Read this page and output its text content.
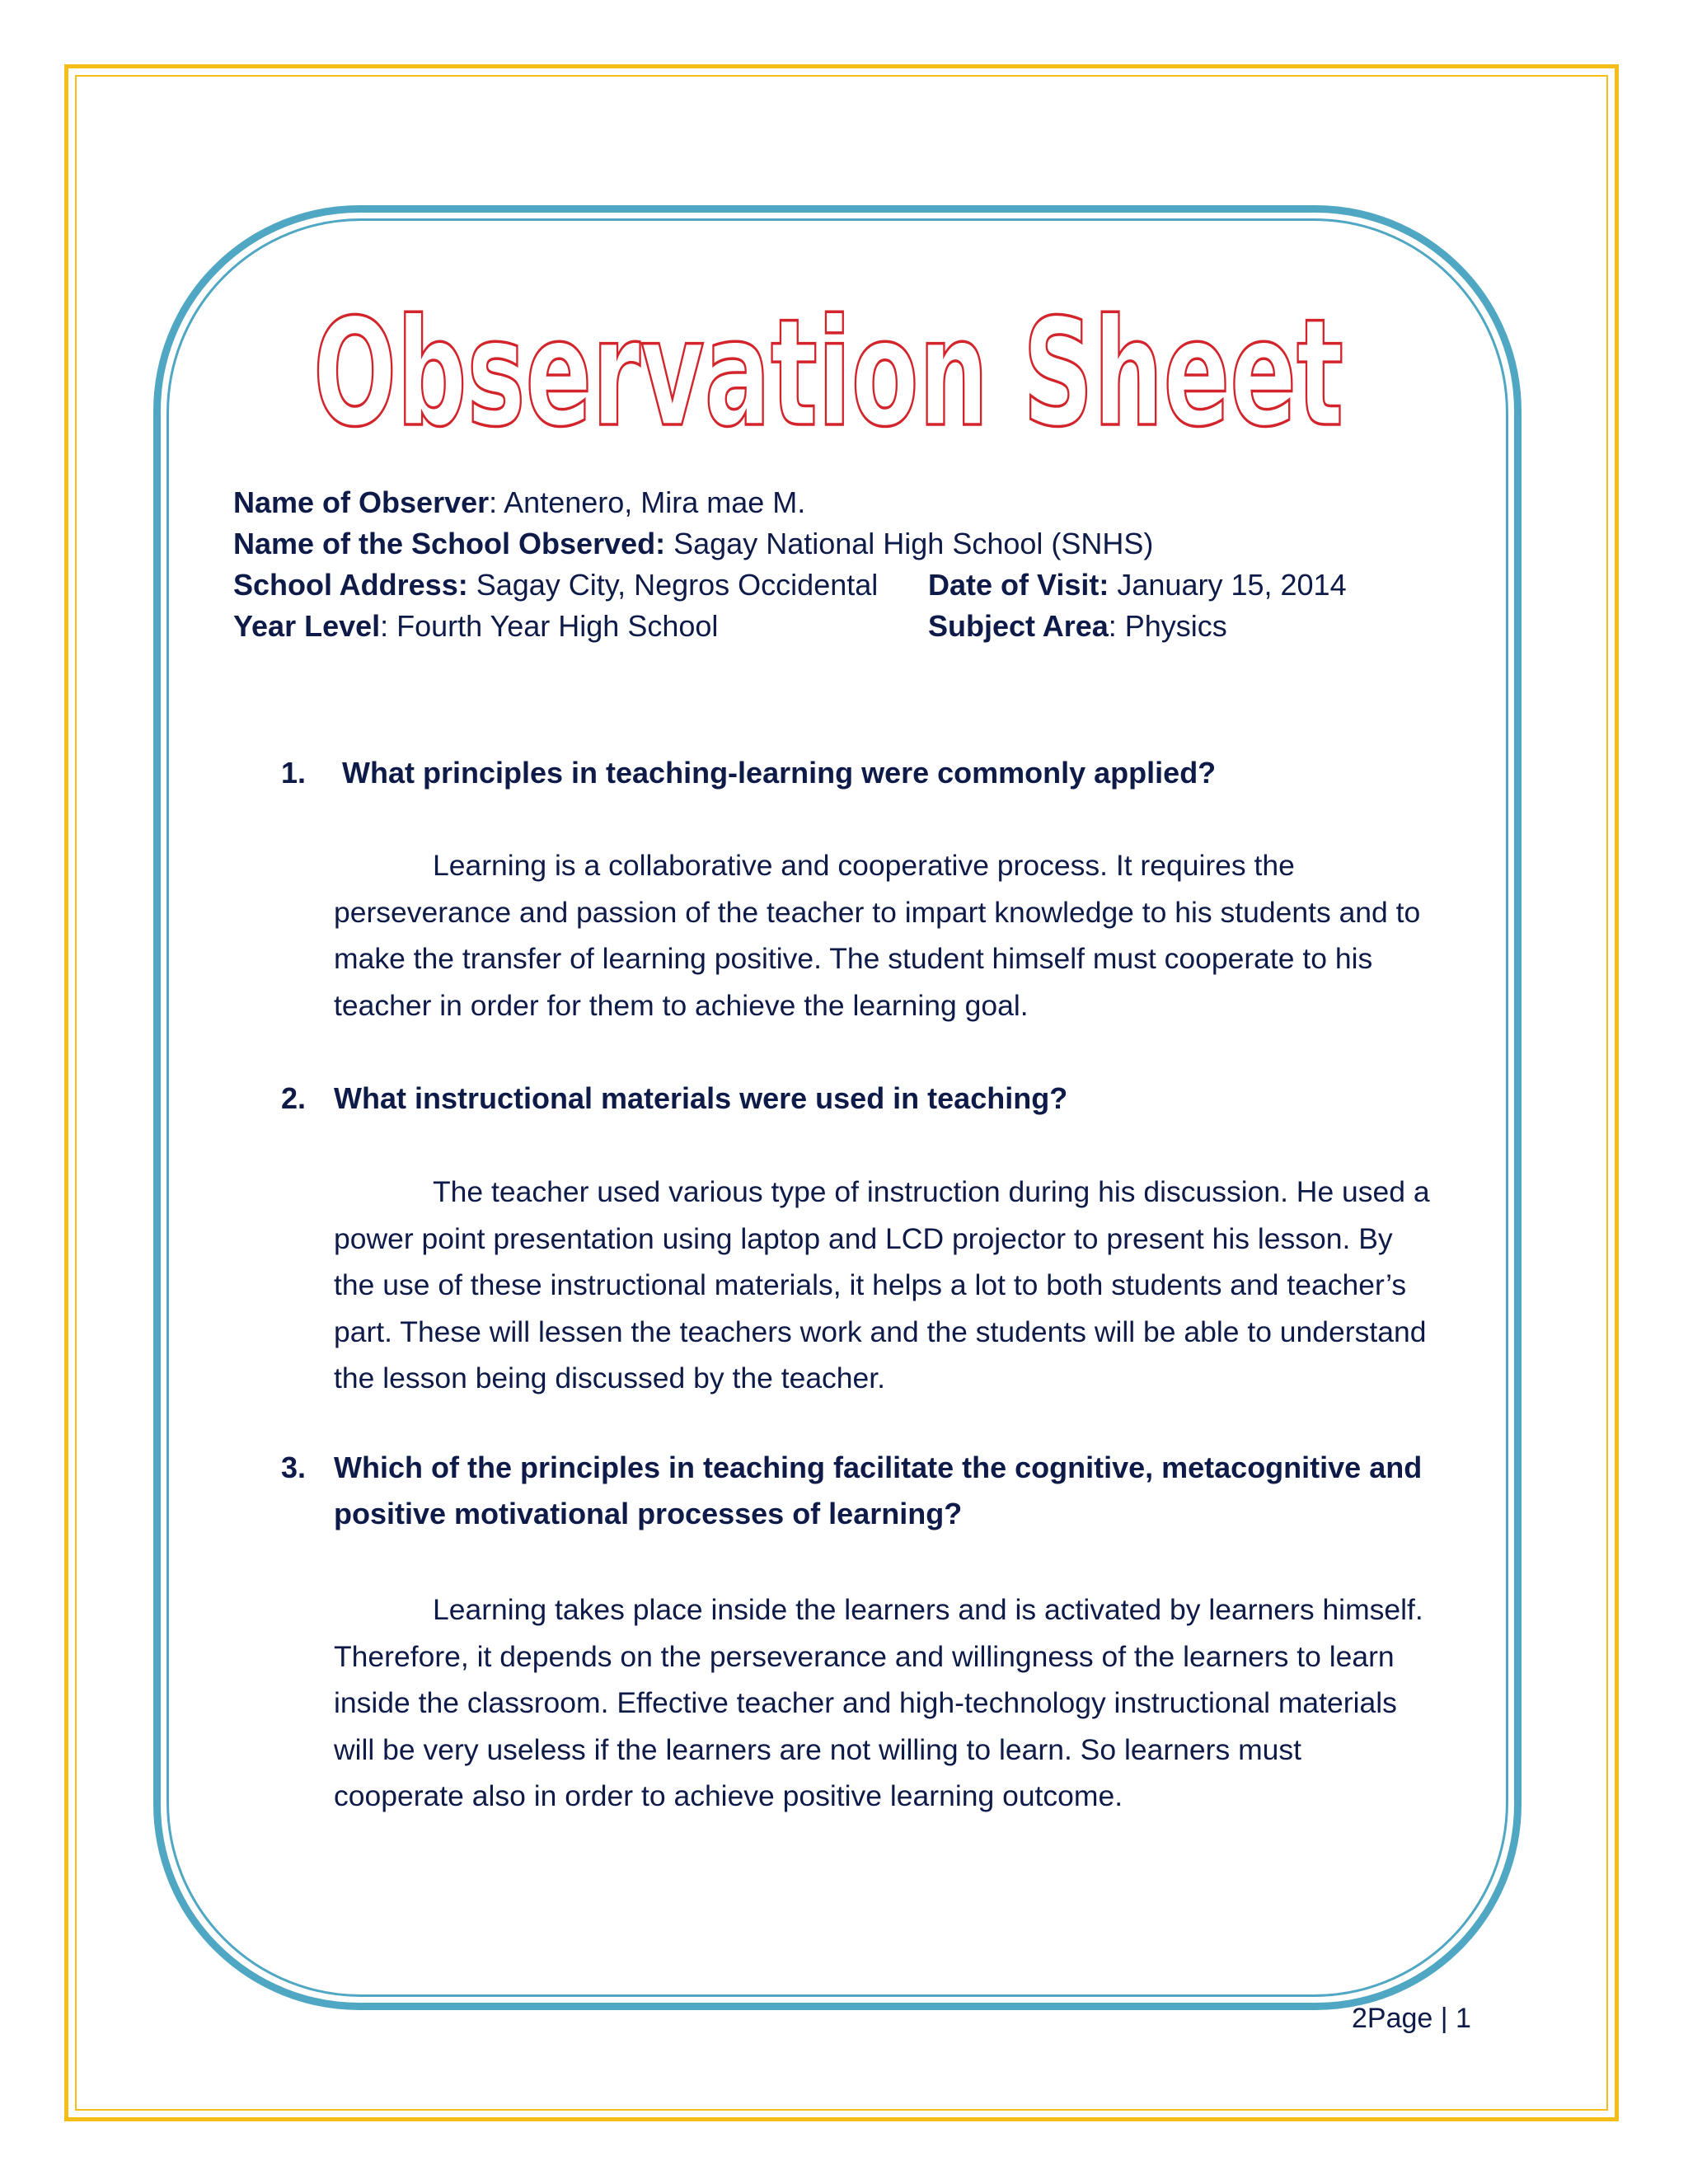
Observation Sheet
Name of Observer: Antenero, Mira mae M.
Name of the School Observed: Sagay National High School (SNHS)
School Address: Sagay City, Negros Occidental Date of Visit: January 15, 2014
Year Level: Fourth Year High School	Subject Area: Physics
1.	What principles in teaching-learning were commonly applied?
Learning is a collaborative and cooperative process. It requires the perseverance and passion of the teacher to impart knowledge to his students and to make the transfer of learning positive. The student himself must cooperate to his teacher in order for them to achieve the learning goal.
2. What instructional materials were used in teaching?
The teacher used various type of instruction during his discussion. He used a power point presentation using laptop and LCD projector to present his lesson. By the use of these instructional materials, it helps a lot to both students and teacher’s part. These will lessen the teachers work and the students will be able to understand the lesson being discussed by the teacher.
3. Which of the principles in teaching facilitate the cognitive, metacognitive and positive motivational processes of learning?
Learning takes place inside the learners and is activated by learners himself. Therefore, it depends on the perseverance and willingness of the learners to learn inside the classroom. Effective teacher and high-technology instructional materials will be very useless if the learners are not willing to learn. So learners must cooperate also in order to achieve positive learning outcome.
2Page | 1
